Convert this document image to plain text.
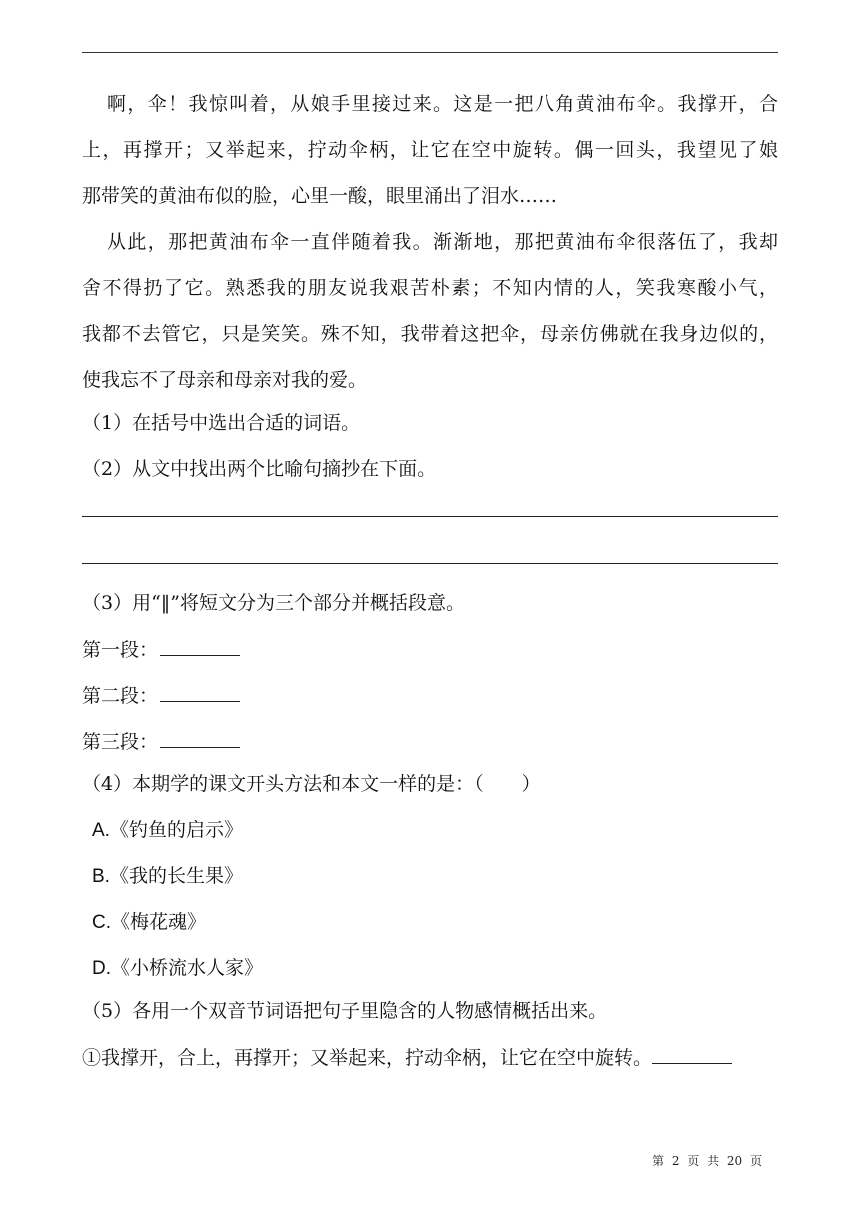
啊，伞！我惊叫着，从娘手里接过来。这是一把八角黄油布伞。我撑开，合
上，再撑开；又举起来，拧动伞柄，让它在空中旋转。偶一回头，我望见了娘
那带笑的黄油布似的脸，心里一酸，眼里涌出了泪水……
从此，那把黄油布伞一直伴随着我。渐渐地，那把黄油布伞很落伍了，我却
舍不得扔了它。熟悉我的朋友说我艰苦朴素；不知内情的人，笑我寒酸小气，
我都不去管它，只是笑笑。殊不知，我带着这把伞，母亲仿佛就在我身边似的，
使我忘不了母亲和母亲对我的爱。
（1）在括号中选出合适的词语。
（2）从文中找出两个比喻句摘抄在下面。
（3）用“‖”将短文分为三个部分并概括段意。
第一段：
第二段：
第三段：
（4）本期学的课文开头方法和本文一样的是：（　　）
A.《钓鱼的启示》
B.《我的长生果》
C.《梅花魂》
D.《小桥流水人家》
（5）各用一个双音节词语把句子里隐含的人物感情概括出来。
①我撑开，合上，再撑开；又举起来，拧动伞柄，让它在空中旋转。
第 2 页 共 20 页
